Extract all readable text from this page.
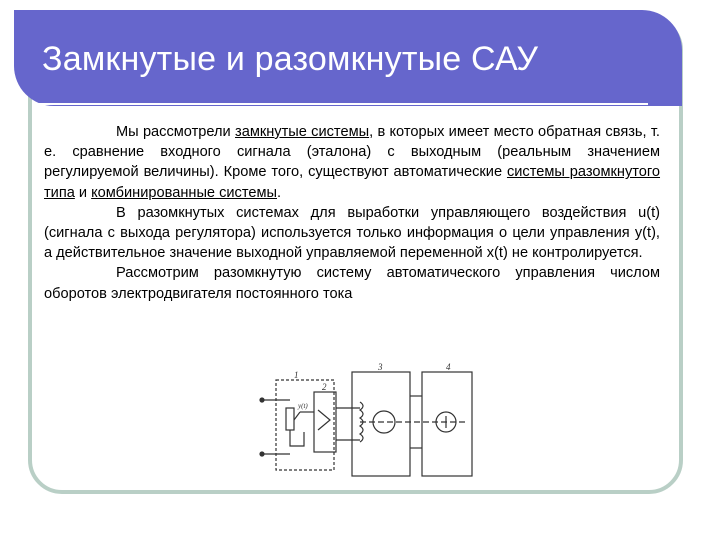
Замкнутые и разомкнутые САУ

Мы рассмотрели замкнутые системы, в которых имеет место обратная связь, т. е. сравнение входного сигнала (эталона) с выходным (реальным значением регулируемой величины). Кроме того, существуют автоматические системы разомкнутого типа и комбинированные системы.

В разомкнутых системах для выработки управляющего воздействия u(t) (сигнала с выхода регулятора) используется только информация о цели управления y(t), а действительное значение выходной управляемой переменной x(t) не контролируется.

Рассмотрим разомкнутую систему автоматического управления числом оборотов электродвигателя постоянного тока

1
2
3	4
y(t)
